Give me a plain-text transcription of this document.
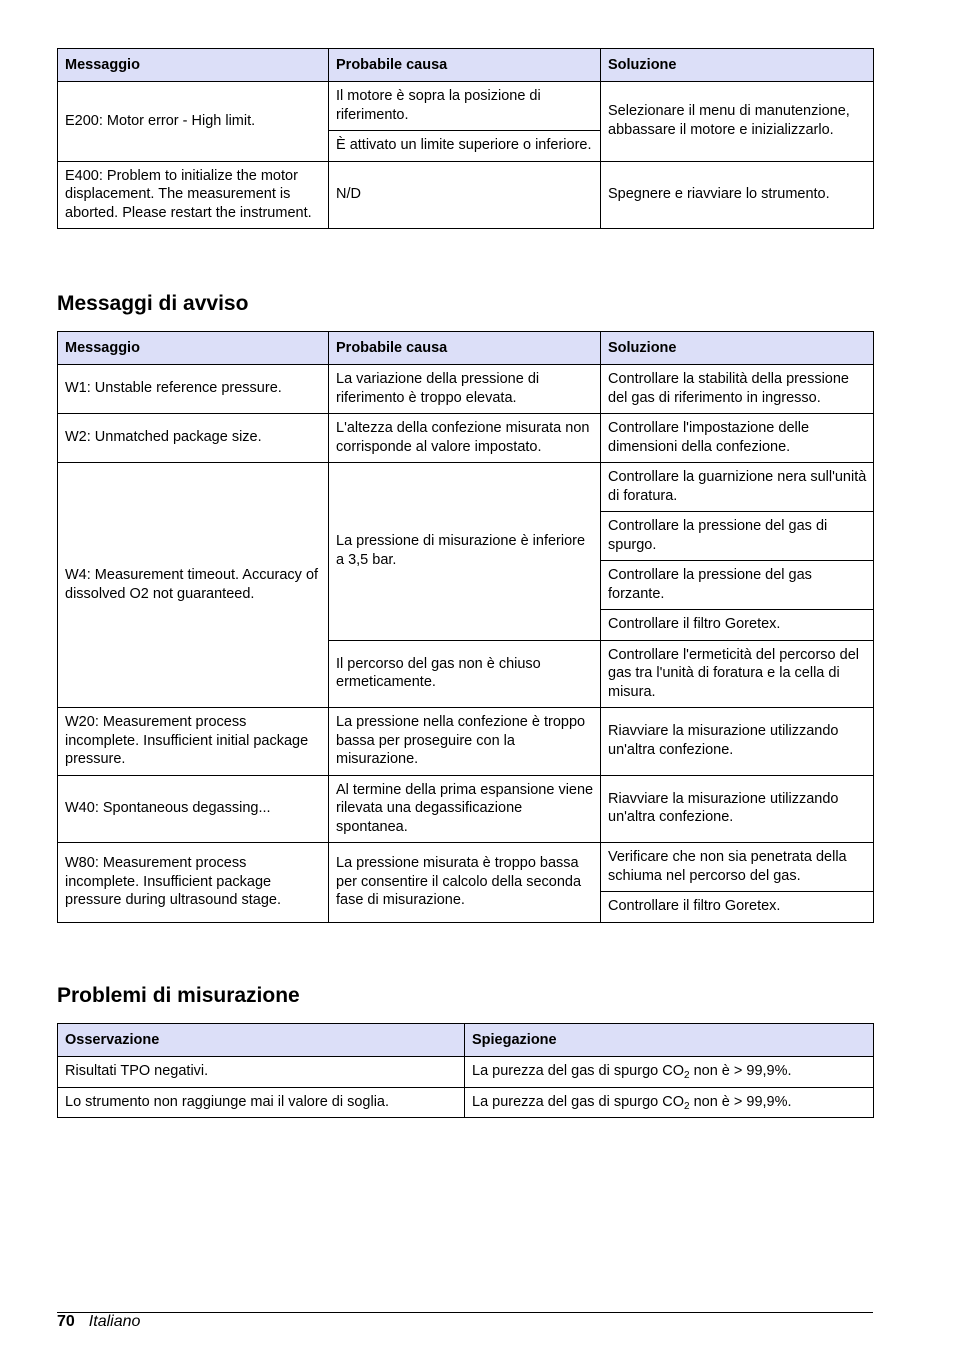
Messaggio	Probabile causa	Soluzione
E200: Motor error - High limit.	Il motore è sopra la posizione di riferimento.	Selezionare il menu di manutenzione, abbassare il motore e inizializzarlo.
	È attivato un limite superiore o inferiore.	
E400: Problem to initialize the motor displacement. The measurement is aborted. Please restart the instrument.	N/D	Spegnere e riavviare lo strumento.
Messaggi di avviso
Messaggio	Probabile causa	Soluzione
W1: Unstable reference pressure.	La variazione della pressione di riferimento è troppo elevata.	Controllare la stabilità della pressione del gas di riferimento in ingresso.
W2: Unmatched package size.	L'altezza della confezione misurata non corrisponde al valore impostato.	Controllare l'impostazione delle dimensioni della confezione.
W4: Measurement timeout. Accuracy of dissolved O2 not guaranteed.	La pressione di misurazione è inferiore a 3,5 bar.	Controllare la guarnizione nera sull'unità di foratura.
		Controllare la pressione del gas di spurgo.
		Controllare la pressione del gas forzante.
		Controllare il filtro Goretex.
	Il percorso del gas non è chiuso ermeticamente.	Controllare l'ermeticità del percorso del gas tra l'unità di foratura e la cella di misura.
W20: Measurement process incomplete. Insufficient initial package pressure.	La pressione nella confezione è troppo bassa per proseguire con la misurazione.	Riavviare la misurazione utilizzando un'altra confezione.
W40: Spontaneous degassing...	Al termine della prima espansione viene rilevata una degassificazione spontanea.	Riavviare la misurazione utilizzando un'altra confezione.
W80: Measurement process incomplete. Insufficient package pressure during ultrasound stage.	La pressione misurata è troppo bassa per consentire il calcolo della seconda fase di misurazione.	Verificare che non sia penetrata della schiuma nel percorso del gas.
		Controllare il filtro Goretex.
Problemi di misurazione
Osservazione	Spiegazione
Risultati TPO negativi.	La purezza del gas di spurgo $CO_2$ non è > 99,9%.
Lo strumento non raggiunge mai il valore di soglia.	La purezza del gas di spurgo $CO_2$ non è > 99,9%.
70 Italiano
